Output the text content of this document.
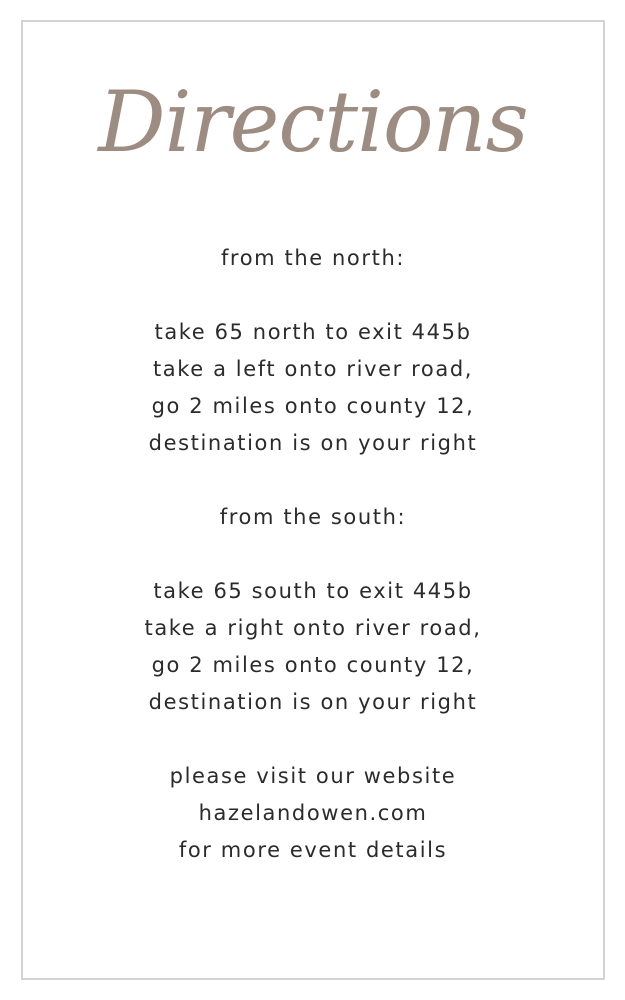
Directions
from the north:
take 65 north to exit 445b
take a left onto river road,
go 2 miles onto county 12,
destination is on your right
from the south:
take 65 south to exit 445b
take a right onto river road,
go 2 miles onto county 12,
destination is on your right
please visit our website
hazelandowen.com
for more event details
